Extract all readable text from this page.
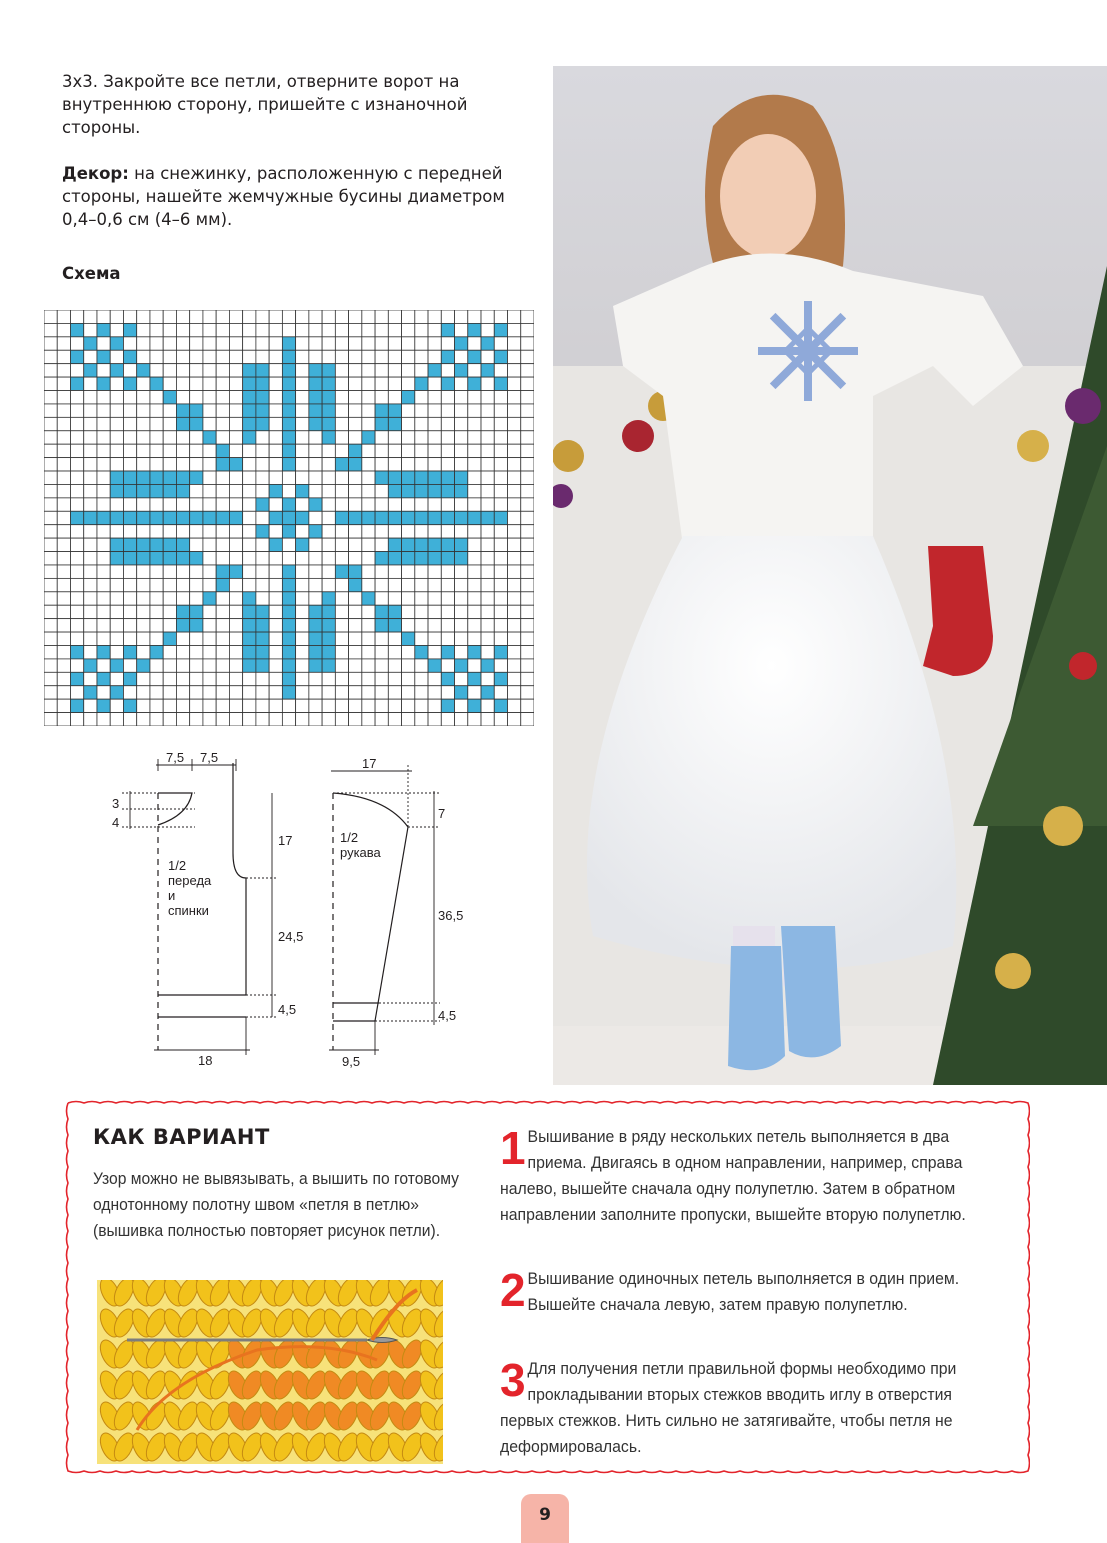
3x3. Закройте все петли, отверните ворот на внутреннюю сторону, пришейте с изнаночной стороны.

Декор: на снежинку, расположенную с передней стороны, нашейте жемчужные бусины диаметром 0,4–0,6 см (4–6 мм).

Схема
7,5 7,5
3
4
17
24,5
4,5
18
1/2
переда
и
спинки
17
7
36,5
4,5
9,5
1/2
рукава
КАК ВАРИАНТ
Узор можно не вывязывать, а вышить по готовому однотонному полотну швом «петля в петлю» (вышивка полностью повторяет рисунок петли).
1 Вышивание в ряду нескольких петель выполняется в два приема. Двигаясь в одном направлении, например, справа налево, вышейте сначала одну полупетлю. Затем в обратном направлении заполните пропуски, вышейте вторую полупетлю.

2 Вышивание одиночных петель выполняется в один прием. Вышейте сначала левую, затем правую полупетлю.

3 Для получения петли правильной формы необходимо при прокладывании вторых стежков вводить иглу в отверстия первых стежков. Нить сильно не затягивайте, чтобы петля не деформировалась.

9
